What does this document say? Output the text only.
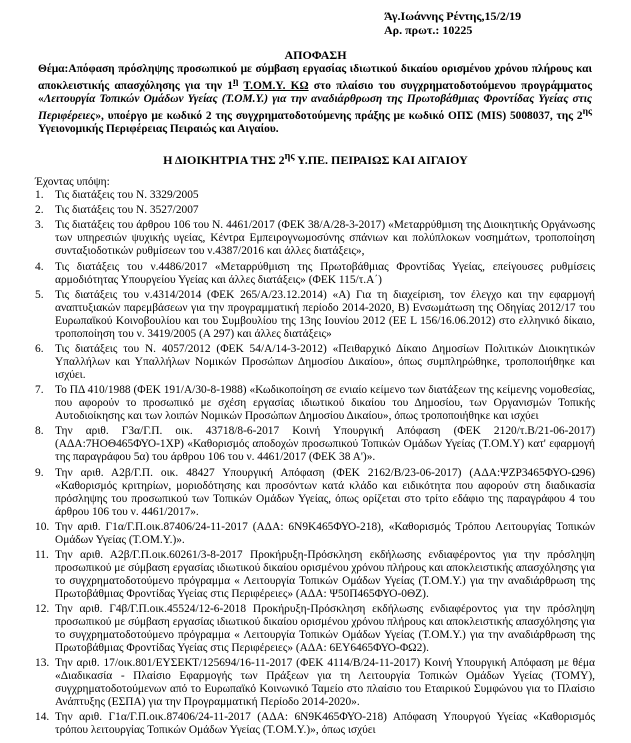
Άγ.Ιωάννης Ρέντης,15/2/19
Αρ. πρωτ.: 10225
ΑΠΟΦΑΣΗ
Θέμα:Απόφαση πρόσληψης προσωπικού με σύμβαση εργασίας ιδιωτικού δικαίου ορισμένου χρόνου πλήρους και αποκλειστικής απασχόλησης για την $1^\eta$ Τ.ΟΜ.Υ. ΚΩ στο πλαίσιο του συγχρηματοδοτούμενου προγράμματος «Λειτουργία Τοπικών Ομάδων Υγείας (Τ.ΟΜ.Υ.) για την αναδιάρθρωση της Πρωτοβάθμιας Φροντίδας Υγείας στις Περιφέρειες», υποέργο με κωδικό 2 της συγχρηματοδοτούμενης πράξης με κωδικό ΟΠΣ (MIS) 5008037, της $2^{\eta\varsigma}$ Υγειονομικής Περιφέρειας Πειραιώς και Αιγαίου.
Η ΔΙΟΙΚΗΤΡΙΑ ΤΗΣ $2^{\eta\varsigma}$ Υ.ΠΕ. ΠΕΙΡΑΙΩΣ ΚΑΙ ΑΙΓΑΙΟΥ
Έχοντας υπόψη:
1. Τις διατάξεις του Ν. 3329/2005
2. Τις διατάξεις του Ν. 3527/2007
3. Τις διατάξεις του άρθρου 106 του Ν. 4461/2017 (ΦΕΚ 38/Α/28-3-2017) «Μεταρρύθμιση της Διοικητικής Οργάνωσης των υπηρεσιών ψυχικής υγείας, Κέντρα Εμπειρογνωμοσύνης σπάνιων και πολύπλοκων νοσημάτων, τροποποίηση συνταξιοδοτικών ρυθμίσεων του ν.4387/2016 και άλλες διατάξεις»,
4. Τις διατάξεις του ν.4486/2017 «Μεταρρύθμιση της Πρωτοβάθμιας Φροντίδας Υγείας, επείγουσες ρυθμίσεις αρμοδιότητας Υπουργείου Υγείας και άλλες διατάξεις» (ΦΕΚ 115/τ.Α΄)
5. Τις διατάξεις του ν.4314/2014 (ΦΕΚ 265/Α/23.12.2014) «Α) Για τη διαχείριση, τον έλεγχο και την εφαρμογή αναπτυξιακών παρεμβάσεων για την προγραμματική περίοδο 2014-2020, Β) Ενσωμάτωση της Οδηγίας 2012/17 του Ευρωπαϊκού Κοινοβουλίου και του Συμβουλίου της 13ης Ιουνίου 2012 (EE L 156/16.06.2012) στο ελληνικό δίκαιο, τροποποίηση του ν. 3419/2005 (Α 297) και άλλες διατάξεις»
6. Τις διατάξεις του Ν. 4057/2012 (ΦΕΚ 54/Α/14-3-2012) «Πειθαρχικό Δίκαιο Δημοσίων Πολιτικών Διοικητικών Υπαλλήλων και Υπαλλήλων Νομικών Προσώπων Δημοσίου Δικαίου», όπως συμπληρώθηκε, τροποποιήθηκε και ισχύει.
7. Το ΠΔ 410/1988 (ΦΕΚ 191/Α/30-8-1988) «Κωδικοποίηση σε ενιαίο κείμενο των διατάξεων της κείμενης νομοθεσίας, που αφορούν το προσωπικό με σχέση εργασίας ιδιωτικού δικαίου του Δημοσίου, των Οργανισμών Τοπικής Αυτοδιοίκησης και των λοιπών Νομικών Προσώπων Δημοσίου Δικαίου», όπως τροποποιήθηκε και ισχύει
8. Την αριθ. Γ3α/Γ.Π. οικ. 43718/8-6-2017 Κοινή Υπουργική Απόφαση (ΦΕΚ 2120/τ.Β/21-06-2017) (ΑΔΑ:7ΗΟΘ465ΦΥΟ-1ΧΡ) «Καθορισμός αποδοχών προσωπικού Τοπικών Ομάδων Υγείας (Τ.ΟΜ.Υ) κατ' εφαρμογή της παραγράφου 5α) του άρθρου 106 του ν. 4461/2017 (ΦΕΚ 38 Α')».
9. Την αριθ. Α2β/Γ.Π. οικ. 48427 Υπουργική Απόφαση (ΦΕΚ 2162/Β/23-06-2017) (ΑΔΑ:ΨΖΡ3465ΦΥΟ-Ω96) «Καθορισμός κριτηρίων, μοριοδότησης και προσόντων κατά κλάδο και ειδικότητα που αφορούν στη διαδικασία πρόσληψης του προσωπικού των Τοπικών Ομάδων Υγείας, όπως ορίζεται στο τρίτο εδάφιο της παραγράφου 4 του άρθρου 106 του ν. 4461/2017».
10. Την αριθ. Γ1α/Γ.Π.οικ.87406/24-11-2017 (ΑΔΑ: 6Ν9Κ465ΦΥΟ-218), «Καθορισμός Τρόπου Λειτουργίας Τοπικών Ομάδων Υγείας (Τ.ΟΜ.Υ.)».
11. Την αριθ. Α2β/Γ.Π.οικ.60261/3-8-2017 Προκήρυξη-Πρόσκληση εκδήλωσης ενδιαφέροντος για την πρόσληψη προσωπικού με σύμβαση εργασίας ιδιωτικού δικαίου ορισμένου χρόνου πλήρους και αποκλειστικής απασχόλησης για το συγχρηματοδοτούμενο πρόγραμμα « Λειτουργία Τοπικών Ομάδων Υγείας (Τ.ΟΜ.Υ.) για την αναδιάρθρωση της Πρωτοβάθμιας Φροντίδας Υγείας στις Περιφέρειες» (ΑΔΑ: Ψ50Π465ΦΥΟ-0ΘΖ).
12. Την αριθ. Γ4β/Γ.Π.οικ.45524/12-6-2018 Προκήρυξη-Πρόσκληση εκδήλωσης ενδιαφέροντος για την πρόσληψη προσωπικού με σύμβαση εργασίας ιδιωτικού δικαίου ορισμένου χρόνου πλήρους και αποκλειστικής απασχόλησης για το συγχρηματοδοτούμενο πρόγραμμα « Λειτουργία Τοπικών Ομάδων Υγείας (Τ.ΟΜ.Υ.) για την αναδιάρθρωση της Πρωτοβάθμιας Φροντίδας Υγείας στις Περιφέρειες» (ΑΔΑ: 6ΕΥ6465ΦΥΟ-ΦΩ2).
13. Την αριθ. 17/οικ.801/ΕΥΣΕΚΤ/125694/16-11-2017 (ΦΕΚ 4114/Β/24-11-2017) Κοινή Υπουργική Απόφαση με θέμα «Διαδικασία - Πλαίσιο Εφαρμογής των Πράξεων για τη Λειτουργία Τοπικών Ομάδων Υγείας (ΤΟΜΥ), συγχρηματοδοτούμενων από το Ευρωπαϊκό Κοινωνικό Ταμείο στο πλαίσιο του Εταιρικού Συμφώνου για το Πλαίσιο Ανάπτυξης (ΕΣΠΑ) για την Προγραμματική Περίοδο 2014-2020».
14. Την αριθ. Γ1α/Γ.Π.οικ.87406/24-11-2017 (ΑΔΑ: 6Ν9Κ465ΦΥΟ-218) Απόφαση Υπουργού Υγείας «Καθορισμός τρόπου λειτουργίας Τοπικών Ομάδων Υγείας (Τ.ΟΜ.Υ.)», όπως ισχύει
